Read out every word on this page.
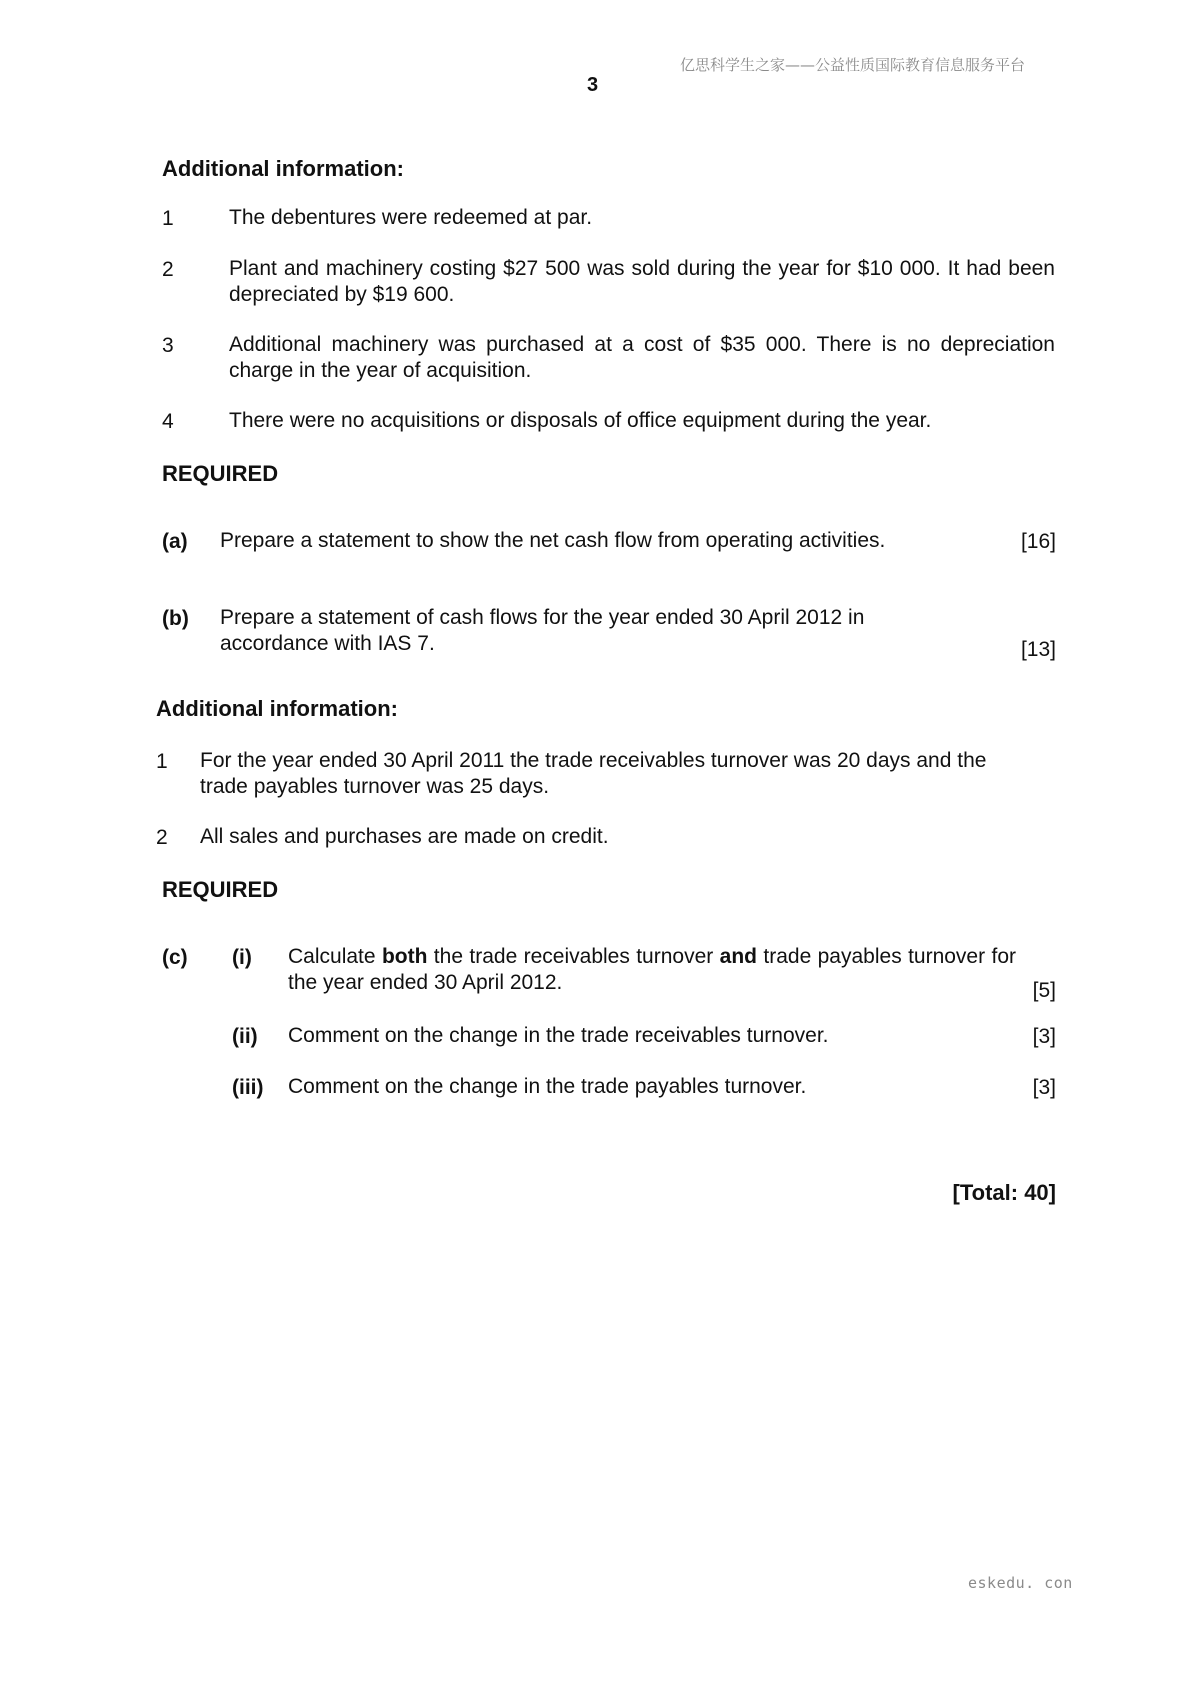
亿思科学生之家——公益性质国际教育信息服务平台
3
Additional information:
1	The debentures were redeemed at par.
2	Plant and machinery costing $27 500 was sold during the year for $10 000. It had been depreciated by $19 600.
3	Additional machinery was purchased at a cost of $35 000. There is no depreciation charge in the year of acquisition.
4	There were no acquisitions or disposals of office equipment during the year.
REQUIRED
(a) Prepare a statement to show the net cash flow from operating activities.	[16]
(b) Prepare a statement of cash flows for the year ended 30 April 2012 in accordance with IAS 7.	[13]
Additional information:
1 For the year ended 30 April 2011 the trade receivables turnover was 20 days and the trade payables turnover was 25 days.
2 All sales and purchases are made on credit.
REQUIRED
(c) (i) Calculate both the trade receivables turnover and trade payables turnover for the year ended 30 April 2012.	[5]
(ii) Comment on the change in the trade receivables turnover.	[3]
(iii) Comment on the change in the trade payables turnover.	[3]
[Total: 40]
eskedu. con
